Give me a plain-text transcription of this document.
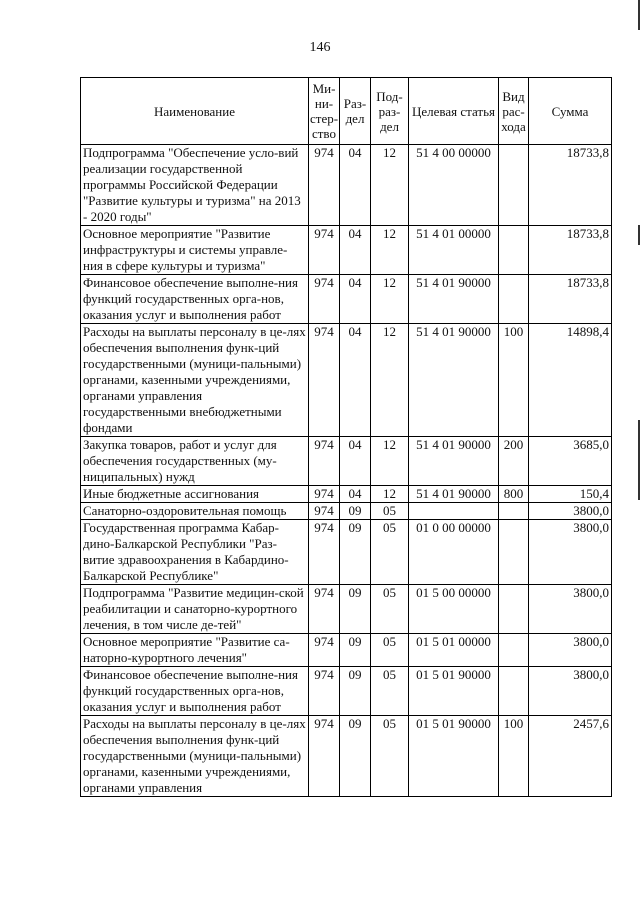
146
Наименование	Ми-ни-стер-ство	Раз-дел	Под-раз-дел	Целевая статья	Вид рас-хода	Сумма
Подпрограмма "Обеспечение усло-вий реализации государственной программы Российской Федерации "Развитие культуры и туризма" на 2013 - 2020 годы"	974	04	12	51 4 00 00000		18733,8
Основное мероприятие "Развитие инфраструктуры и системы управле-ния в сфере культуры и туризма"	974	04	12	51 4 01 00000		18733,8
Финансовое обеспечение выполне-ния функций государственных орга-нов, оказания услуг и выполнения работ	974	04	12	51 4 01 90000		18733,8
Расходы на выплаты персоналу в це-лях обеспечения выполнения функ-ций государственными (муници-пальными) органами, казенными учреждениями, органами управления государственными внебюджетными фондами	974	04	12	51 4 01 90000	100	14898,4
Закупка товаров, работ и услуг для обеспечения государственных (му-ниципальных) нужд	974	04	12	51 4 01 90000	200	3685,0
Иные бюджетные ассигнования	974	04	12	51 4 01 90000	800	150,4
Санаторно-оздоровительная помощь	974	09	05			3800,0
Государственная программа Кабар-дино-Балкарской Республики "Раз-витие здравоохранения в Кабардино-Балкарской Республике"	974	09	05	01 0 00 00000		3800,0
Подпрограмма "Развитие медицин-ской реабилитации и санаторно-курортного лечения, в том числе де-тей"	974	09	05	01 5 00 00000		3800,0
Основное мероприятие "Развитие са-наторно-курортного лечения"	974	09	05	01 5 01 00000		3800,0
Финансовое обеспечение выполне-ния функций государственных орга-нов, оказания услуг и выполнения работ	974	09	05	01 5 01 90000		3800,0
Расходы на выплаты персоналу в це-лях обеспечения выполнения функ-ций государственными (муници-пальными) органами, казенными учреждениями, органами управления	974	09	05	01 5 01 90000	100	2457,6
